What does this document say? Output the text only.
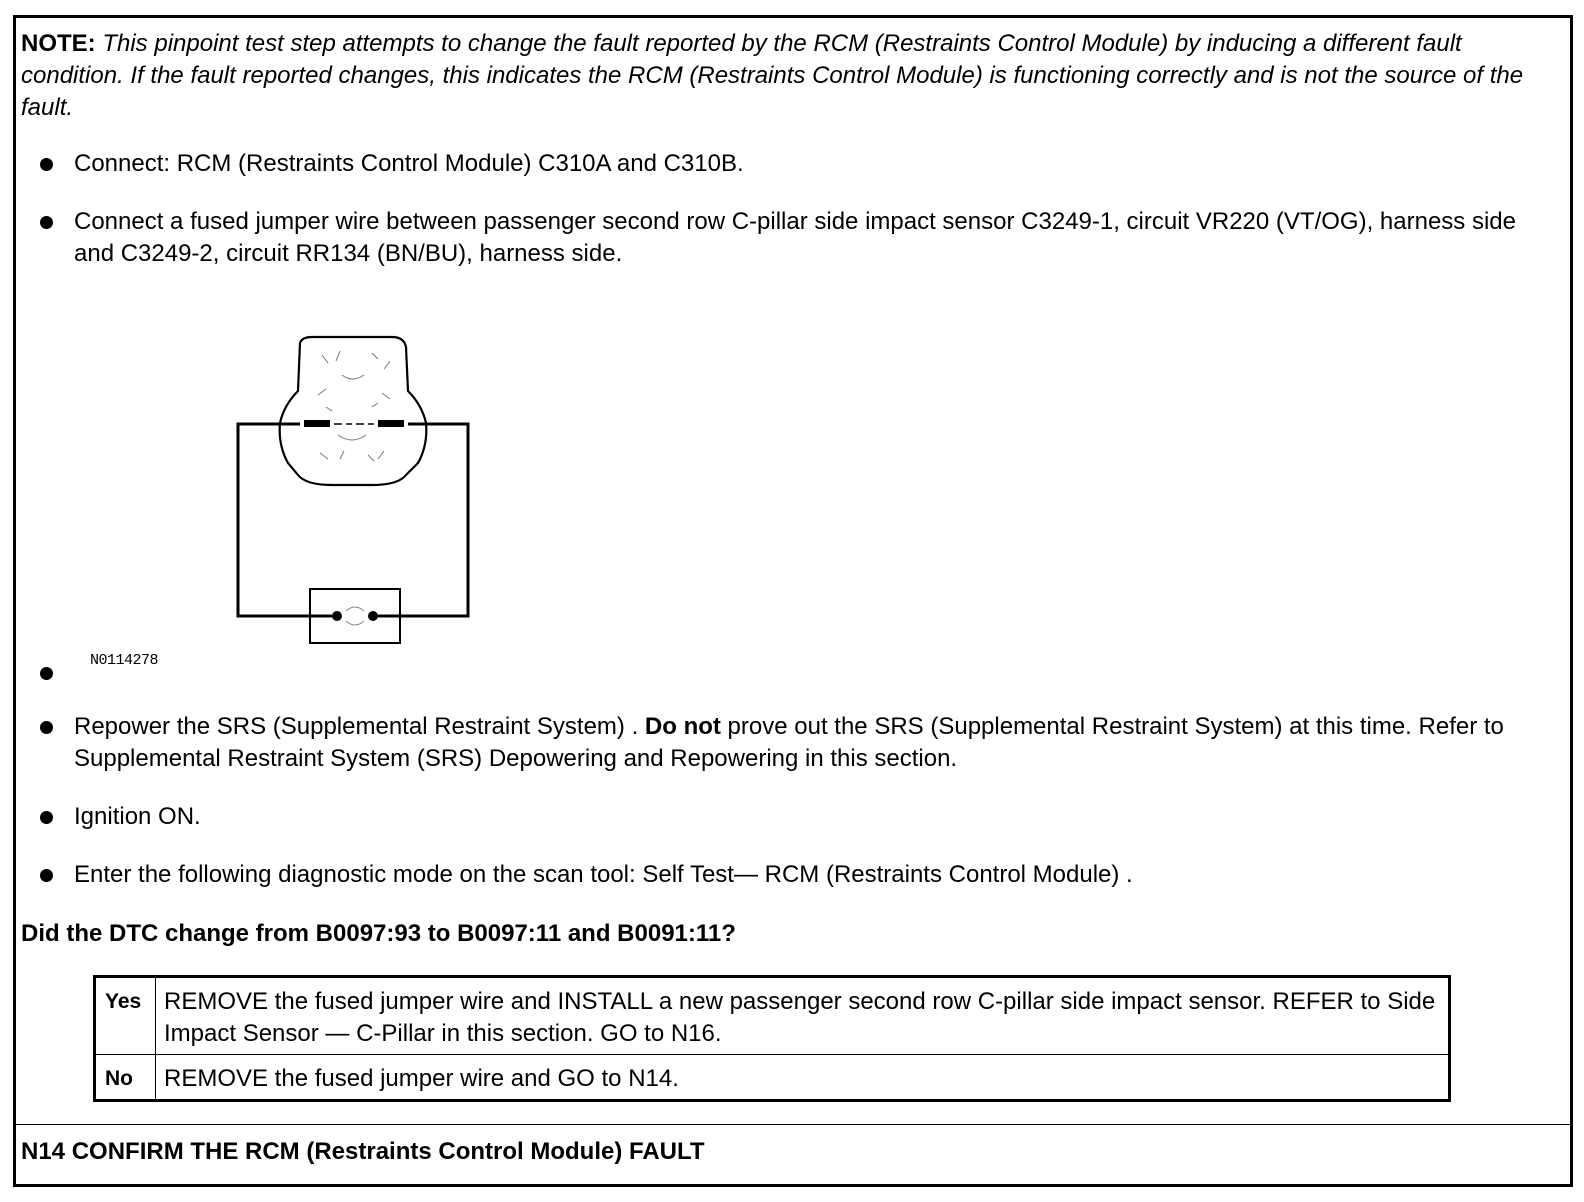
NOTE: This pinpoint test step attempts to change the fault reported by the RCM (Restraints Control Module) by inducing a different fault condition. If the fault reported changes, this indicates the RCM (Restraints Control Module) is functioning correctly and is not the source of the fault.
Connect: RCM (Restraints Control Module) C310A and C310B.
Connect a fused jumper wire between passenger second row C-pillar side impact sensor C3249-1, circuit VR220 (VT/OG), harness side and C3249-2, circuit RR134 (BN/BU), harness side.
N0114278
Repower the SRS (Supplemental Restraint System) . Do not prove out the SRS (Supplemental Restraint System) at this time. Refer to Supplemental Restraint System (SRS) Depowering and Repowering in this section.
Ignition ON.
Enter the following diagnostic mode on the scan tool: Self Test— RCM (Restraints Control Module) .
Did the DTC change from B0097:93 to B0097:11 and B0091:11?
Yes	REMOVE the fused jumper wire and INSTALL a new passenger second row C-pillar side impact sensor. REFER to Side Impact Sensor — C-Pillar in this section. GO to N16.
No	REMOVE the fused jumper wire and GO to N14.
N14 CONFIRM THE RCM (Restraints Control Module) FAULT
